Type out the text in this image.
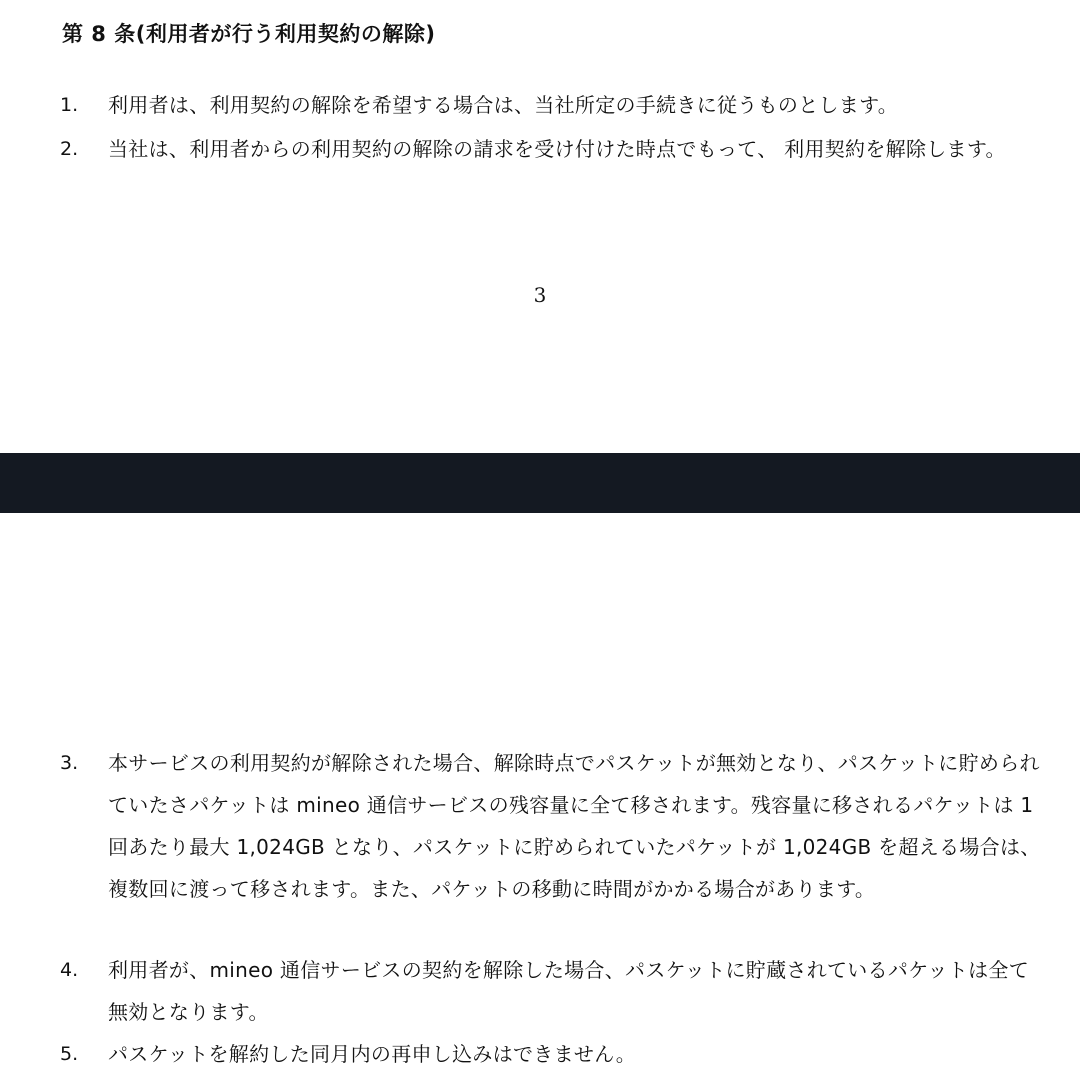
第 8 条(利用者が行う利用契約の解除)
1. 利用者は、利用契約の解除を希望する場合は、当社所定の手続きに従うものとします。
2. 当社は、利用者からの利用契約の解除の請求を受け付けた時点でもって、 利用契約を解除します。
3
3. 本サービスの利用契約が解除された場合、解除時点でパスケットが無効となり、パスケットに貯められていたさパケットは mineo 通信サービスの残容量に全て移されます。残容量に移されるパケットは 1 回あたり最大 1,024GB となり、パスケットに貯められていたパケットが 1,024GB を超える場合は、複数回に渡って移されます。また、パケットの移動に時間がかかる場合があります。
4. 利用者が、mineo 通信サービスの契約を解除した場合、パスケットに貯蔵されているパケットは全て無効となります。
5. パスケットを解約した同月内の再申し込みはできません。
